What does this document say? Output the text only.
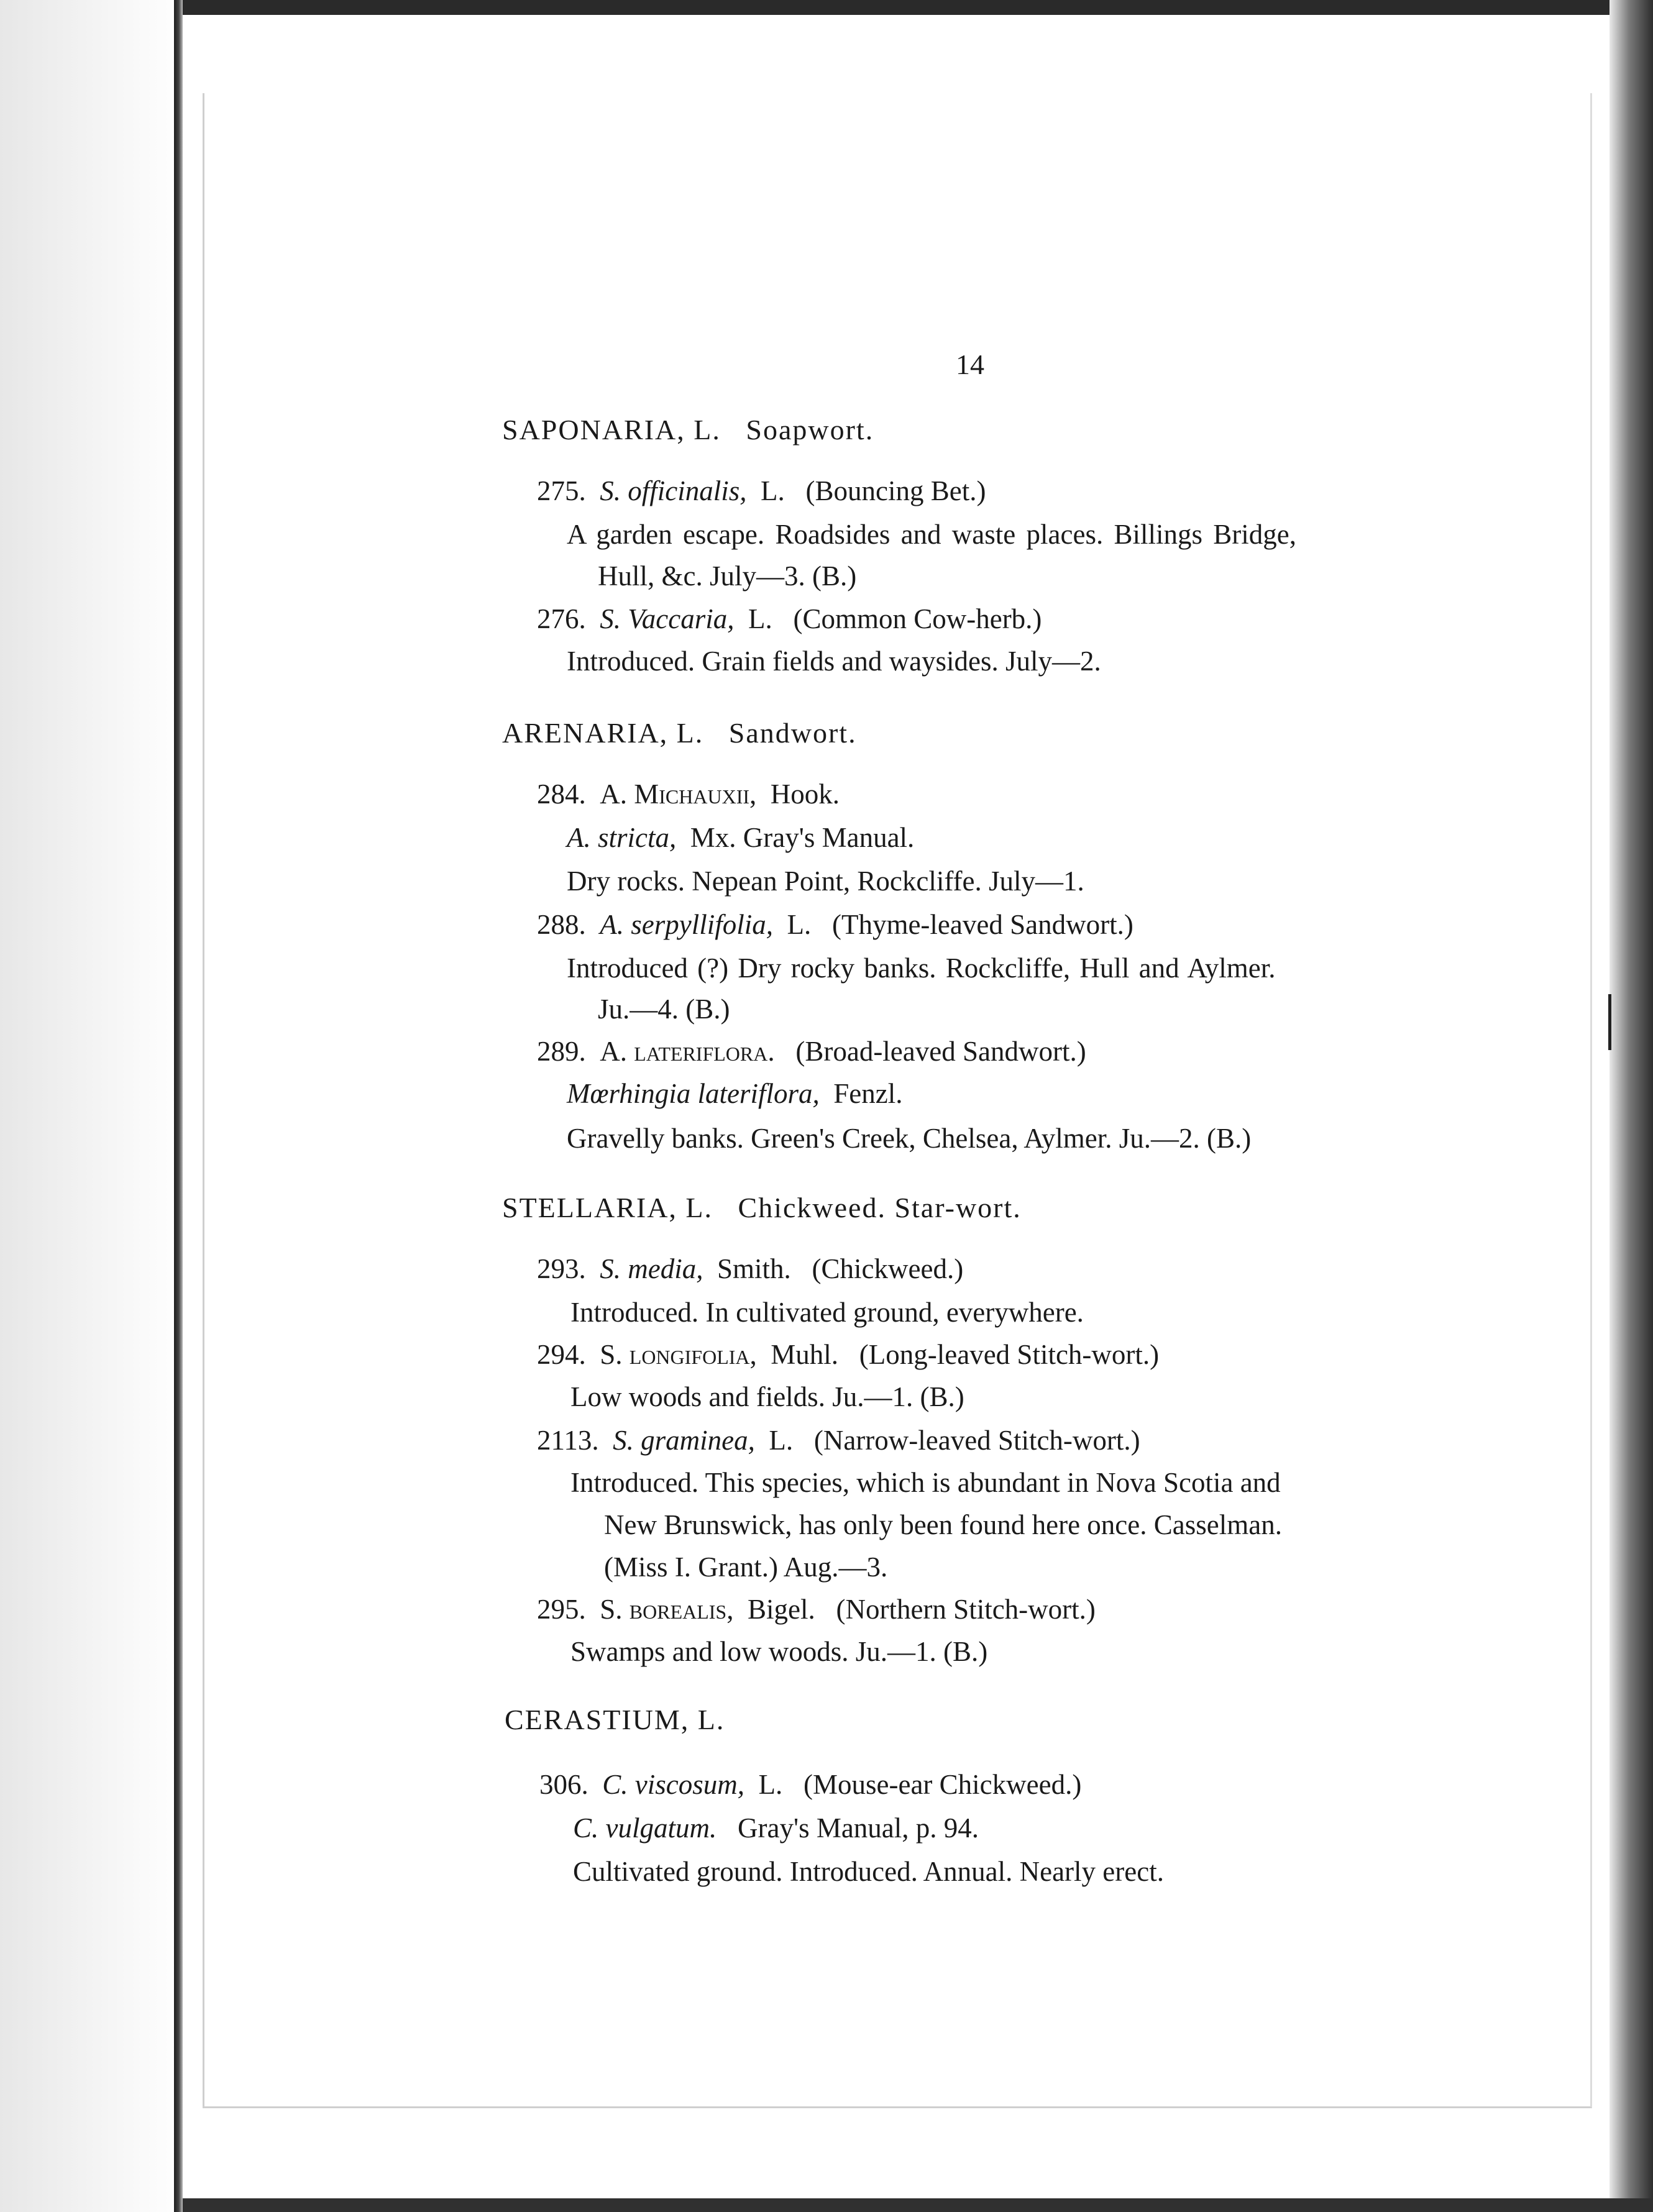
14
SAPONARIA, L. Soapwort.
275. S. officinalis, L. (Bouncing Bet.)
A garden escape. Roadsides and waste places. Billings Bridge,
Hull, &c. July—3. (B.)
276. S. Vaccaria, L. (Common Cow-herb.)
Introduced. Grain fields and waysides. July—2.
ARENARIA, L. Sandwort.
284. A. Michauxii, Hook.
A. stricta, Mx. Gray's Manual.
Dry rocks. Nepean Point, Rockcliffe. July—1.
288. A. serpyllifolia, L. (Thyme-leaved Sandwort.)
Introduced (?) Dry rocky banks. Rockcliffe, Hull and Aylmer.
Ju.—4. (B.)
289. A. lateriflora. (Broad-leaved Sandwort.)
Mœrhingia lateriflora, Fenzl.
Gravelly banks. Green's Creek, Chelsea, Aylmer. Ju.—2. (B.)
STELLARIA, L. Chickweed. Star-wort.
293. S. media, Smith. (Chickweed.)
Introduced. In cultivated ground, everywhere.
294. S. longifolia, Muhl. (Long-leaved Stitch-wort.)
Low woods and fields. Ju.—1. (B.)
2113. S. graminea, L. (Narrow-leaved Stitch-wort.)
Introduced. This species, which is abundant in Nova Scotia and
New Brunswick, has only been found here once. Casselman.
(Miss I. Grant.) Aug.—3.
295. S. borealis, Bigel. (Northern Stitch-wort.)
Swamps and low woods. Ju.—1. (B.)
CERASTIUM, L.
306. C. viscosum, L. (Mouse-ear Chickweed.)
C. vulgatum. Gray's Manual, p. 94.
Cultivated ground. Introduced. Annual. Nearly erect.
